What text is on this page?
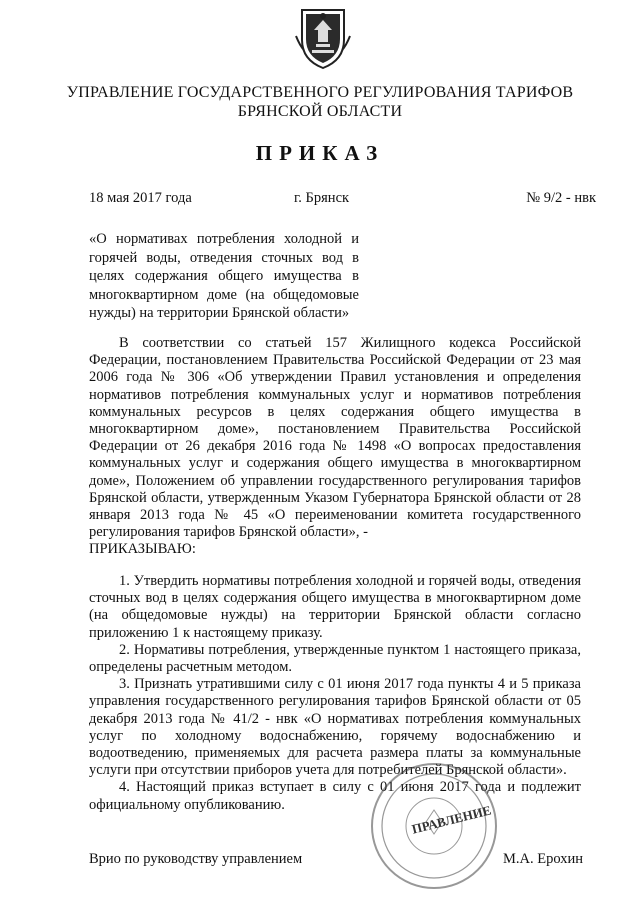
УПРАВЛЕНИЕ ГОСУДАРСТВЕННОГО РЕГУЛИРОВАНИЯ ТАРИФОВ
БРЯНСКОЙ ОБЛАСТИ
ПРИКАЗ
18 мая 2017 года	г. Брянск	№ 9/2 - нвк
«О нормативах потребления холодной и горячей воды, отведения сточных вод в целях содержания общего имущества в многоквартирном доме (на общедомовые нужды) на территории Брянской области»
В соответствии со статьей 157 Жилищного кодекса Российской Федерации, постановлением Правительства Российской Федерации от 23 мая 2006 года № 306 «Об утверждении Правил установления и определения нормативов потребления коммунальных услуг и нормативов потребления коммунальных ресурсов в целях содержания общего имущества в многоквартирном доме», постановлением Правительства Российской Федерации от 26 декабря 2016 года № 1498 «О вопросах предоставления коммунальных услуг и содержания общего имущества в многоквартирном доме», Положением об управлении государственного регулирования тарифов Брянской области, утвержденным Указом Губернатора Брянской области от 28 января 2013 года № 45 «О переименовании комитета государственного регулирования тарифов Брянской области», -
ПРИКАЗЫВАЮ:

1. Утвердить нормативы потребления холодной и горячей воды, отведения сточных вод в целях содержания общего имущества в многоквартирном доме (на общедомовые нужды) на территории Брянской области согласно приложению 1 к настоящему приказу.

2. Нормативы потребления, утвержденные пунктом 1 настоящего приказа, определены расчетным методом.

3. Признать утратившими силу с 01 июня 2017 года пункты 4 и 5 приказа управления государственного регулирования тарифов Брянской области от 05 декабря 2013 года № 41/2 - нвк «О нормативах потребления коммунальных услуг по холодному водоснабжению, горячему водоснабжению и водоотведению, применяемых для расчета размера платы за коммунальные услуги при отсутствии приборов учета для потребителей Брянской области».

4. Настоящий приказ вступает в силу с 01 июня 2017 года и подлежит официальному опубликованию.

Врио по руководству управлением	М.А. Ерохин
ПРАВЛЕНИЕ
